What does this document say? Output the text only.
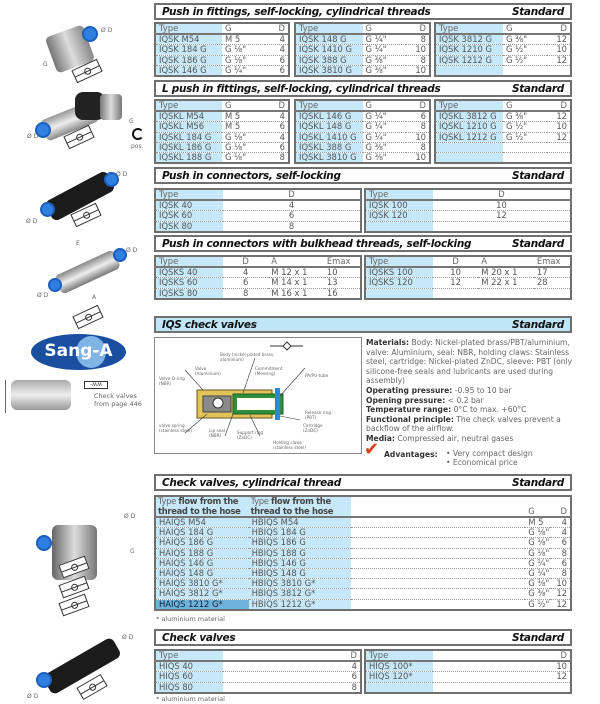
Push in fittings, self-locking, cylindrical threads	Standard
L push in fittings, self-locking, cylindrical threads	Standard
Push in connectors, self-locking	Standard
Push in connectors with bulkhead threads, self-locking	Standard
IQS check valves	Standard
Check valves, cylindrical thread	Standard
Check valves	Standard
Type	G	D
IQSK M54	M 5	4
IQSK 184 G	G ⅛"	4
IQSK 186 G	G ⅛"	6
IQSK 146 G	G ¼"	6
Type	G	D
IQSK 148 G	G ¼"	8
IQSK 1410 G	G ¼"	10
IQSK 388 G	G ⅜"	8
IQSK 3810 G	G ⅜"	10
Type	G	D
IQSK 3812 G	G ⅜"	12
IQSK 1210 G	G ½"	10
IQSK 1212 G	G ½"	12

Type	G	D
IQSKL M54	M 5	4
IQSKL M56	M 5	6
IQSKL 184 G	G ⅛"	4
IQSKL 186 G	G ⅛"	6
IQSKL 188 G	G ⅛"	8
Type	G	D
IQSKL 146 G	G ¼"	6
IQSKL 148 G	G ¼"	8
IQSKL 1410 G	G ¼"	10
IQSKL 388 G	G ⅜"	8
IQSKL 3810 G	G ⅜"	10
Type	G	D
IQSKL 3812 G	G ⅜"	12
IQSKL 1210 G	G ½"	10
IQSKL 1212 G	G ½"	12

Type	D
IQSK 40	4
IQSK 60	6
IQSK 80	8
Type	D
IQSK 100	10
IQSK 120	12

Type	D	A	Emax
IQSKS 40	4	M 12 x 1	10
IQSKS 60	6	M 14 x 1	13
IQSKS 80	8	M 16 x 1	16
Type	D	A	Emax
IQSKS 100	10	M 20 x 1	17
IQSKS 120	12	M 22 x 1	28

Type flow from the thread to the hose	Type flow from the thread to the hose		G	D
HAIQS M54	HBIQS M54		M 5	4
HAIQS 184 G	HBIQS 184 G		G ⅛"	4
HAIQS 186 G	HBIQS 186 G		G ⅛"	6
HAIQS 188 G	HBIQS 188 G		G ⅛"	8
HAIQS 146 G	HBIQS 146 G		G ¼"	6
HAIQS 148 G	HBIQS 148 G		G ¼"	8
HAIQS 3810 G*	HBIQS 3810 G*		G ⅜"	10
HAIQS 3812 G*	HBIQS 3812 G*		G ⅜"	12
HAIQS 1212 G*	HBIQS 1212 G*		G ½"	12
* aluminium material
Type	D
HIQS 40	4
HIQS 60	6
HIQS 80	8
Type	D
HIQS 100*	10
HIQS 120*	12

* aluminium material
Body (nickel-plated brass, aluminium)
Valve (Aluminium)
Valve O-ring (NBR)
Commitment (Messing)	PA/PU-tube
Release ring (PBT)
Cartridge (ZnDC)
valve spring (stainless steel)	Lip seal (NBR)
Support ring (ZnDC)
Holding claws (stainless steel)
Materials: Body: Nickel-plated brass/PBT/aluminium, valve: Aluminium, seal: NBR, holding claws: Stainless steel, cartridge: Nickel-plated ZnDC, sleeve: PBT (only silicone-free seals and lubricants are used during assembly)
Operating pressure: -0.95 to 10 bar
Opening pressure: < 0.2 bar
Temperature range: 0°C to max. +60°C
Functional principle: The check valves prevent a backflow of the airflow.
Media: Compressed air, neutral gases
✔ Advantages: • Very compact design
• Economical price
Ø D
G
Ø D
G
pos.
Ø D
Ø D
Ø D
Ø D	A
E
Sang-A
-ʍʍ
Check valves from page 446
Ø D
G
Ø D
Ø D
